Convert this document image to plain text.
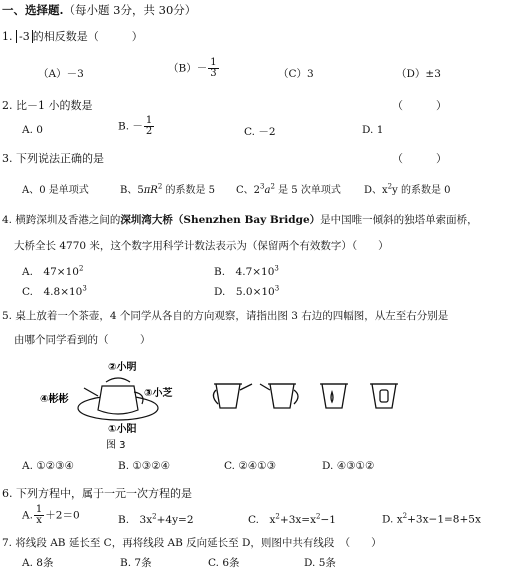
一、选择题.（每小题 3分，共 30分）
1. -3 的相反数是（　　　）
（A）－3	$(B)- \frac{1}{3}$	（C）3	（D）±3
2. 比－1 小的数是	（　　　）
A. 0	B. － $\frac{1}{2}$	C. －2	D. 1
3. 下列说法正确的是	（　　　）
A、0 是单项式	B、$5\pi R^2$ 的系数是 5 C、$2^3a^2$ 是 5 次单项式 D、$x^2y$ 的系数是 0
4. 横跨深圳及香港之间的深圳湾大桥（Shenzhen Bay Bridge）是中国唯一倾斜的独塔单索面桥，
大桥全长 4770 米，这个数字用科学计数法表示为（保留两个有效数字）（　　）
A.　$47\times 10^2$	B.　$4.7\times 10^3$
C.　$4.8\times 10^3$	D.　$5.0\times 10^3$
5. 桌上放着一个茶壶，4 个同学从各自的方向观察，请指出图 3 右边的四幅图，从左至右分别是
由哪个同学看到的（　　　）
②小明
④彬彬
③小芝
①小阳
图 3
A. ①②③④	B. ①③②④	C. ②④①③	D. ④③①②
6. 下列方程中，属于一元一次方程的是
A. $\frac{1}{x} +2=0$	B.　$3x^2+4y=2$	C.　$x^2+3x=x^2-1$	D. $x^2+3x-1=8+5x$
7. 将线段 AB 延长至 C，再将线段 AB 反向延长至 D，则图中共有线段　（　　）
A. 8条	B. 7条	C. 6条	D. 5条
